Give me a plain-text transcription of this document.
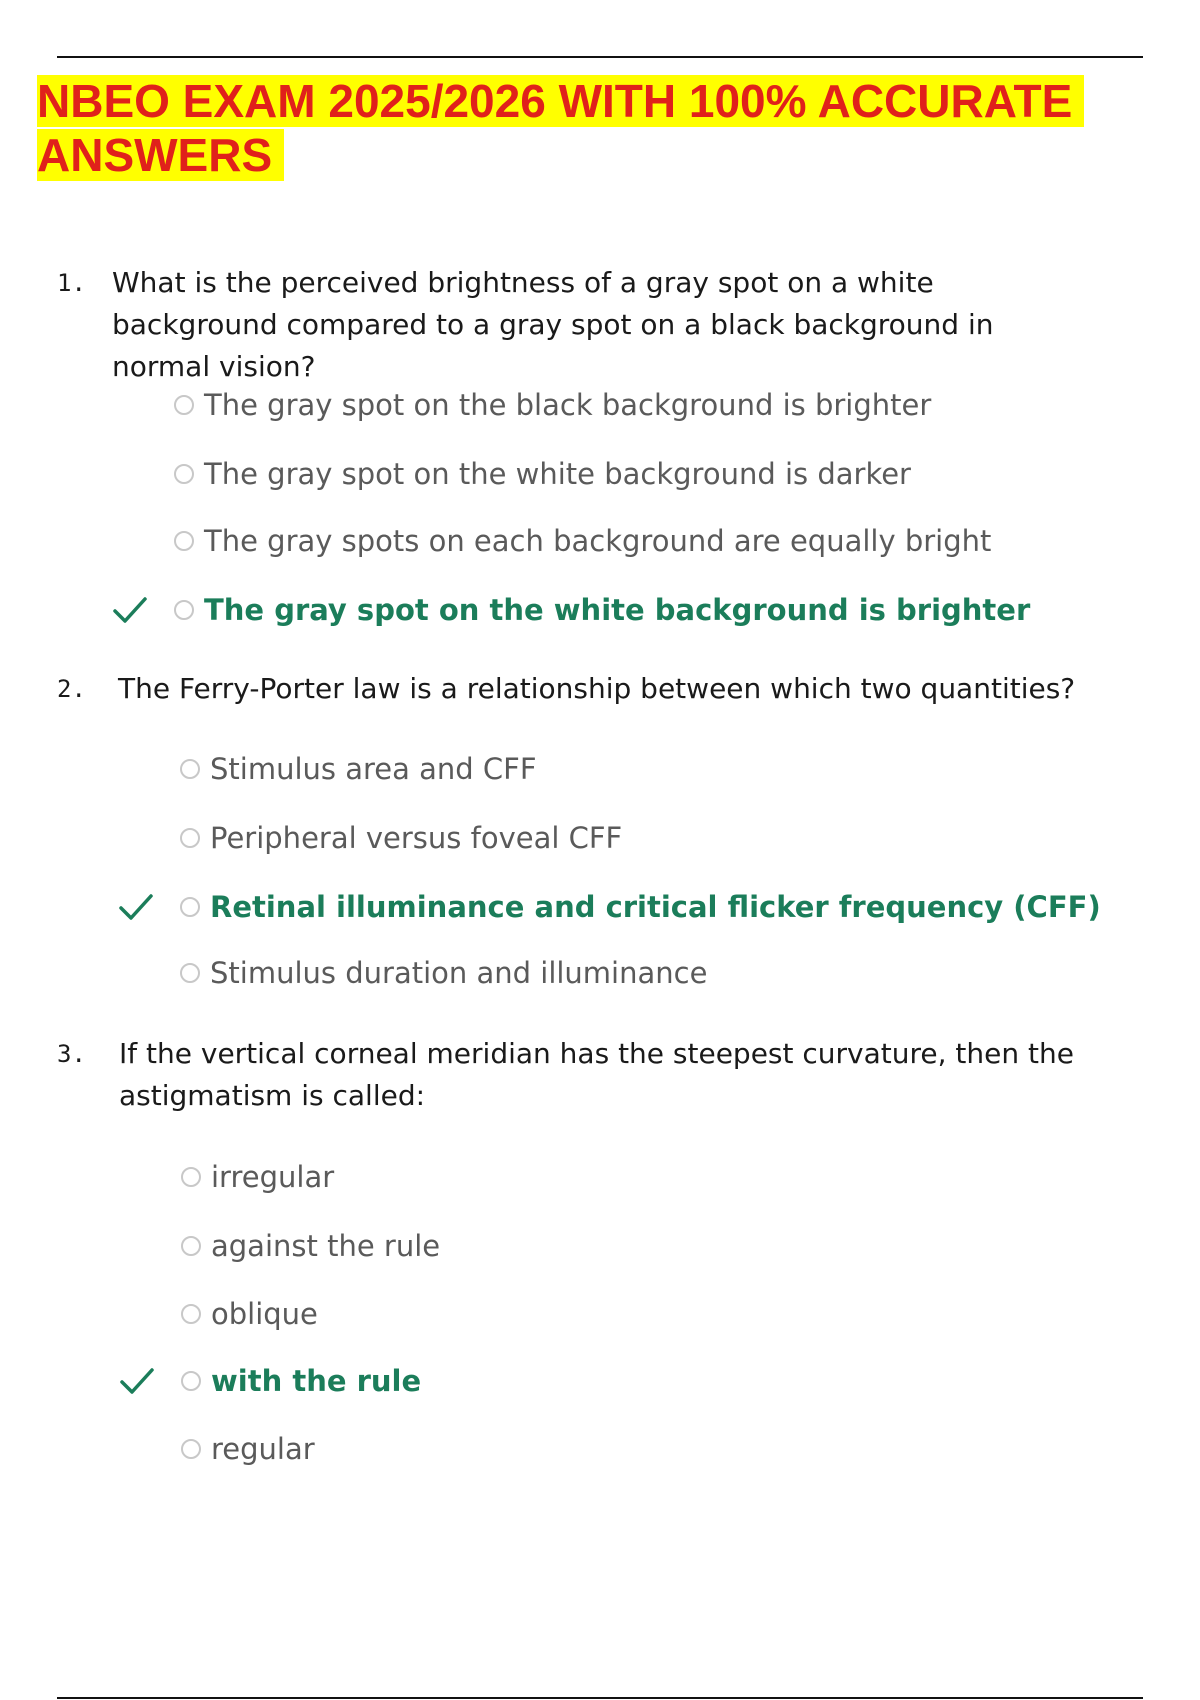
NBEO EXAM 2025/2026 WITH 100% ACCURATE ANSWERS
1. What is the perceived brightness of a gray spot on a white background compared to a gray spot on a black background in normal vision?
The gray spot on the black background is brighter
The gray spot on the white background is darker
The gray spots on each background are equally bright
The gray spot on the white background is brighter
2. The Ferry-Porter law is a relationship between which two quantities?
Stimulus area and CFF
Peripheral versus foveal CFF
Retinal illuminance and critical flicker frequency (CFF)
Stimulus duration and illuminance
3. If the vertical corneal meridian has the steepest curvature, then the astigmatism is called:
irregular
against the rule
oblique
with the rule
regular
